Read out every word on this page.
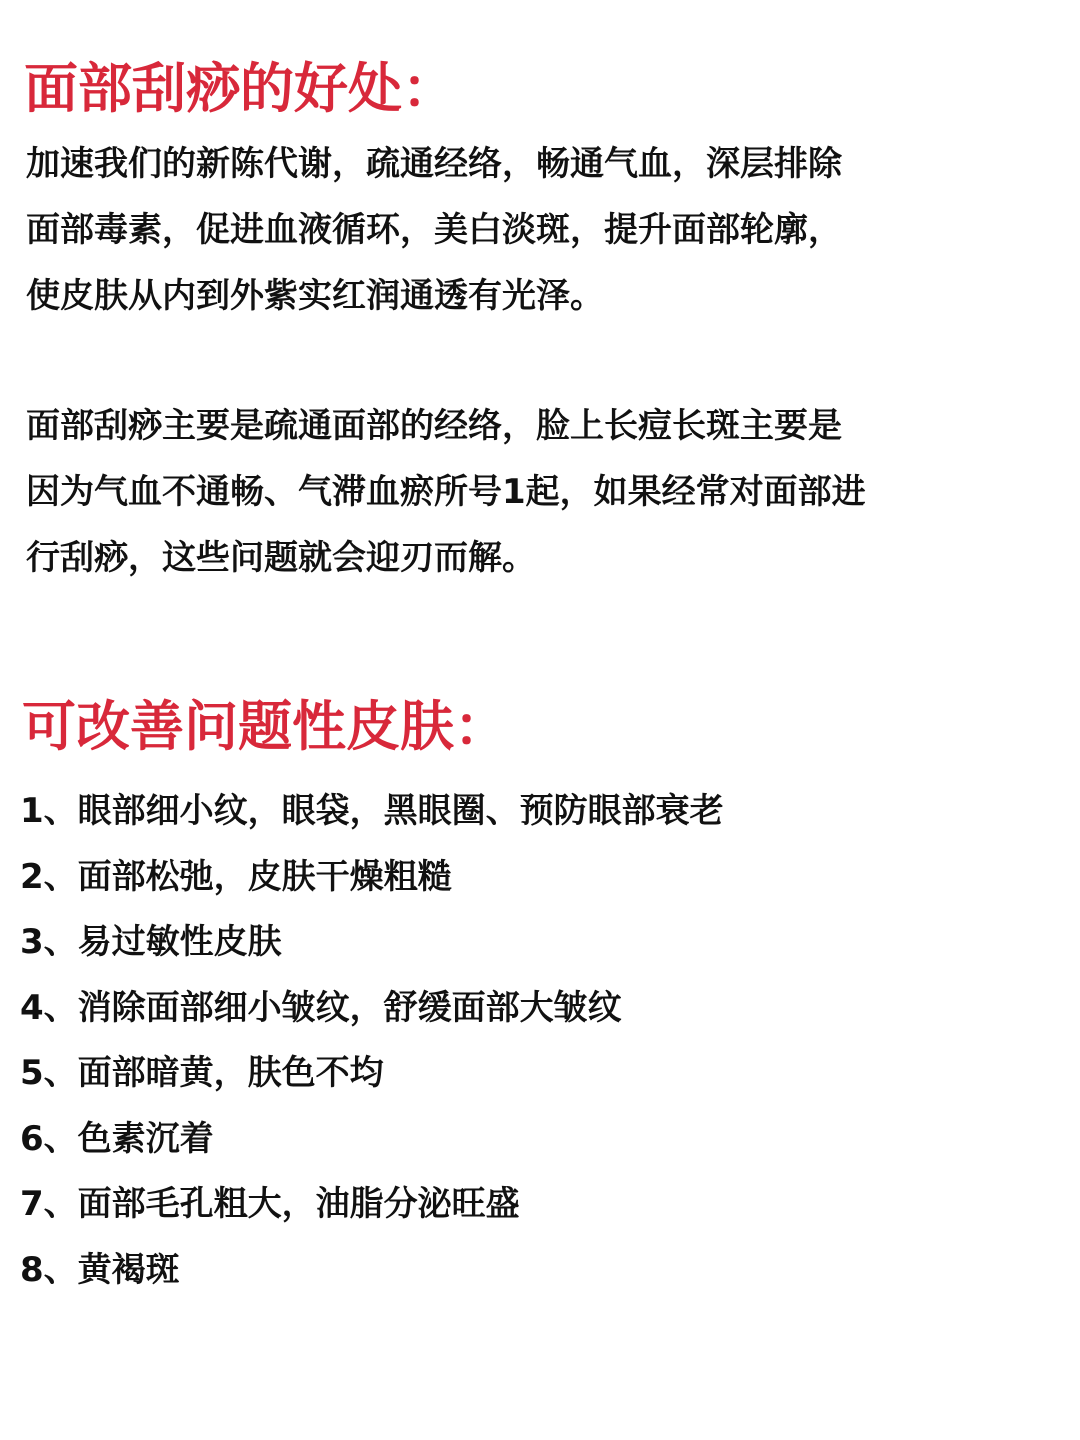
面部刮痧的好处：

加速我们的新陈代谢，疏通经络，畅通气血，深层排除
面部毒素，促进血液循环，美白淡斑，提升面部轮廓，
使皮肤从内到外紫实红润通透有光泽。

面部刮痧主要是疏通面部的经络，脸上长痘长斑主要是
因为气血不通畅、气滞血瘀所号1起，如果经常对面部进
行刮痧，这些问题就会迎刃而解。

可改善问题性皮肤：
1、眼部细小纹，眼袋，黑眼圈、预防眼部衰老
2、面部松弛，皮肤干燥粗糙
3、易过敏性皮肤
4、消除面部细小皱纹，舒缓面部大皱纹
5、面部暗黄，肤色不均
6、色素沉着
7、面部毛孔粗大，油脂分泌旺盛
8、黄褐斑
